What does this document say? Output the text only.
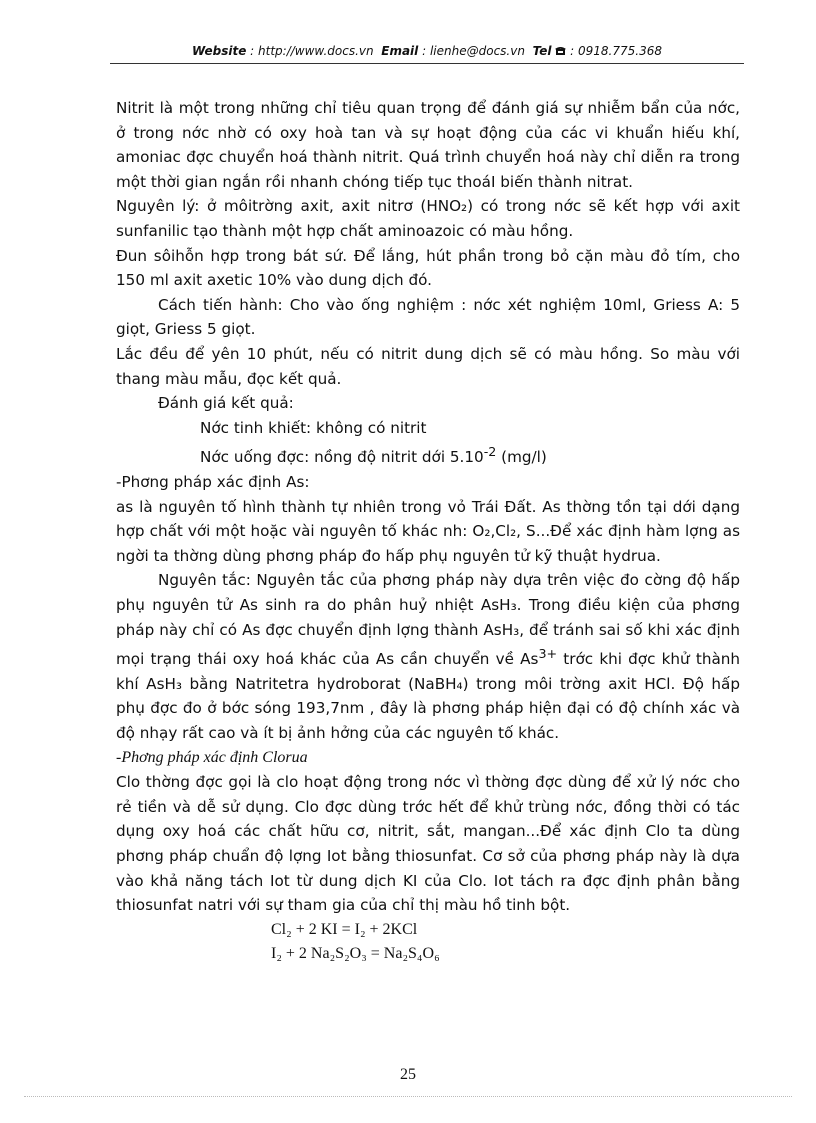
Website : http://www.docs.vn Email : lienhe@docs.vn Tel : 0918.775.368

Nitrit là một trong những chỉ tiêu quan trọng để đánh giá sự nhiễm bẩn của nớc, ở trong nớc nhờ có oxy hoà tan và sự hoạt động của các vi khuẩn hiếu khí, amoniac đợc chuyển hoá thành nitrit. Quá trình chuyển hoá này chỉ diễn ra trong một thời gian ngắn rồi nhanh chóng tiếp tục thoáI biến thành nitrat.

Nguyên lý: ở môitrờng axit, axit nitrơ (HNO₂) có trong nớc sẽ kết hợp với axit sunfanilic tạo thành một hợp chất aminoazoic có màu hồng.

Đun sôihỗn hợp trong bát sứ. Để lắng, hút phần trong bỏ cặn màu đỏ tím, cho 150 ml axit axetic 10% vào dung dịch đó.

Cách tiến hành: Cho vào ống nghiệm : nớc xét nghiệm 10ml, Griess A: 5 giọt, Griess 5 giọt.

Lắc đều để yên 10 phút, nếu có nitrit dung dịch sẽ có màu hồng. So màu với thang màu mẫu, đọc kết quả.

Đánh giá kết quả:

Nớc tinh khiết: không có nitrit

Nớc uống đợc: nồng độ nitrit dới $5.10^{-2}$ (mg/l)

-Phơng pháp xác định As:

as là nguyên tố hình thành tự nhiên trong vỏ Trái Đất. As thờng tồn tại dới dạng hợp chất với một hoặc vài nguyên tố khác nh: O₂,Cl₂, S...Để xác định hàm lợng as ngời ta thờng dùng phơng pháp đo hấp phụ nguyên tử kỹ thuật hydrua.

Nguyên tắc: Nguyên tắc của phơng pháp này dựa trên việc đo cờng độ hấp phụ nguyên tử As sinh ra do phân huỷ nhiệt AsH₃. Trong điều kiện của phơng pháp này chỉ có As đợc chuyển định lợng thành AsH₃, để tránh sai số khi xác định mọi trạng thái oxy hoá khác của As cần chuyển về $As^{3+}$ trớc khi đợc khử thành khí AsH₃ bằng Natritetra hydroborat (NaBH₄) trong môi trờng axit HCl. Độ hấp phụ đợc đo ở bớc sóng 193,7nm , đây là phơng pháp hiện đại có độ chính xác và độ nhạy rất cao và ít bị ảnh hởng của các nguyên tố khác.

-Phơng pháp xác định Clorua

Clo thờng đợc gọi là clo hoạt động trong nớc vì thờng đợc dùng để xử lý nớc cho rẻ tiền và dễ sử dụng. Clo đợc dùng trớc hết để khử trùng nớc, đồng thời có tác dụng oxy hoá các chất hữu cơ, nitrit, sắt, mangan...Để xác định Clo ta dùng phơng pháp chuẩn độ lợng Iot bằng thiosunfat. Cơ sở của phơng pháp này là dựa vào khả năng tách Iot từ dung dịch KI của Clo. Iot tách ra đợc định phân bằng thiosunfat natri với sự tham gia của chỉ thị màu hồ tinh bột.

Cl₂ + 2 KI = I₂ + 2KCl

I₂ + 2 Na₂S₂O₃ = Na₂S₄O₆

25
